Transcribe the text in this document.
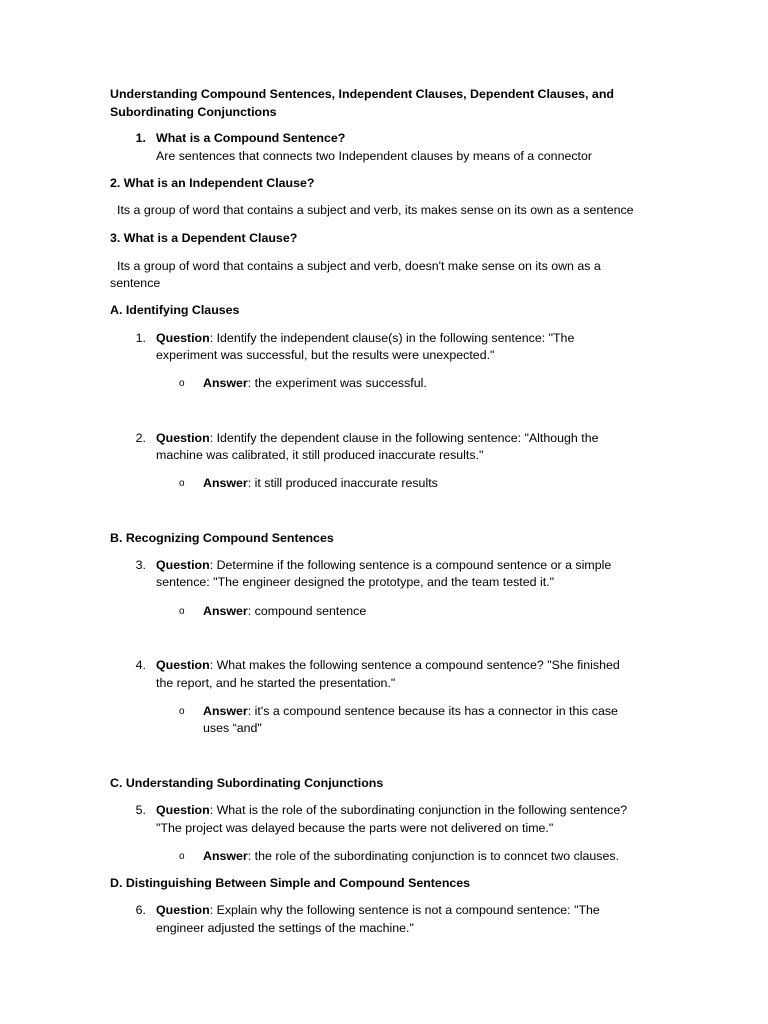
Understanding Compound Sentences, Independent Clauses, Dependent Clauses, and
Subordinating Conjunctions
1. What is a Compound Sentence?
Are sentences that connects two Independent clauses by means of a connector
2. What is an Independent Clause?
Its a group of word that contains a subject and verb, its makes sense on its own as a sentence
3. What is a Dependent Clause?
Its a group of word that contains a subject and verb, doesn't make sense on its own as a
sentence
A. Identifying Clauses
1. Question: Identify the independent clause(s) in the following sentence: "The
experiment was successful, but the results were unexpected."
o Answer: the experiment was successful.
2. Question: Identify the dependent clause in the following sentence: "Although the
machine was calibrated, it still produced inaccurate results."
o Answer: it still produced inaccurate results
B. Recognizing Compound Sentences
3. Question: Determine if the following sentence is a compound sentence or a simple
sentence: "The engineer designed the prototype, and the team tested it."
o Answer: compound sentence
4. Question: What makes the following sentence a compound sentence? "She finished
the report, and he started the presentation."
o Answer: it's a compound sentence because its has a connector in this case
uses “and"
C. Understanding Subordinating Conjunctions
5. Question: What is the role of the subordinating conjunction in the following sentence?
"The project was delayed because the parts were not delivered on time."
o Answer: the role of the subordinating conjunction is to conncet two clauses.
D. Distinguishing Between Simple and Compound Sentences
6. Question: Explain why the following sentence is not a compound sentence: "The
engineer adjusted the settings of the machine."
